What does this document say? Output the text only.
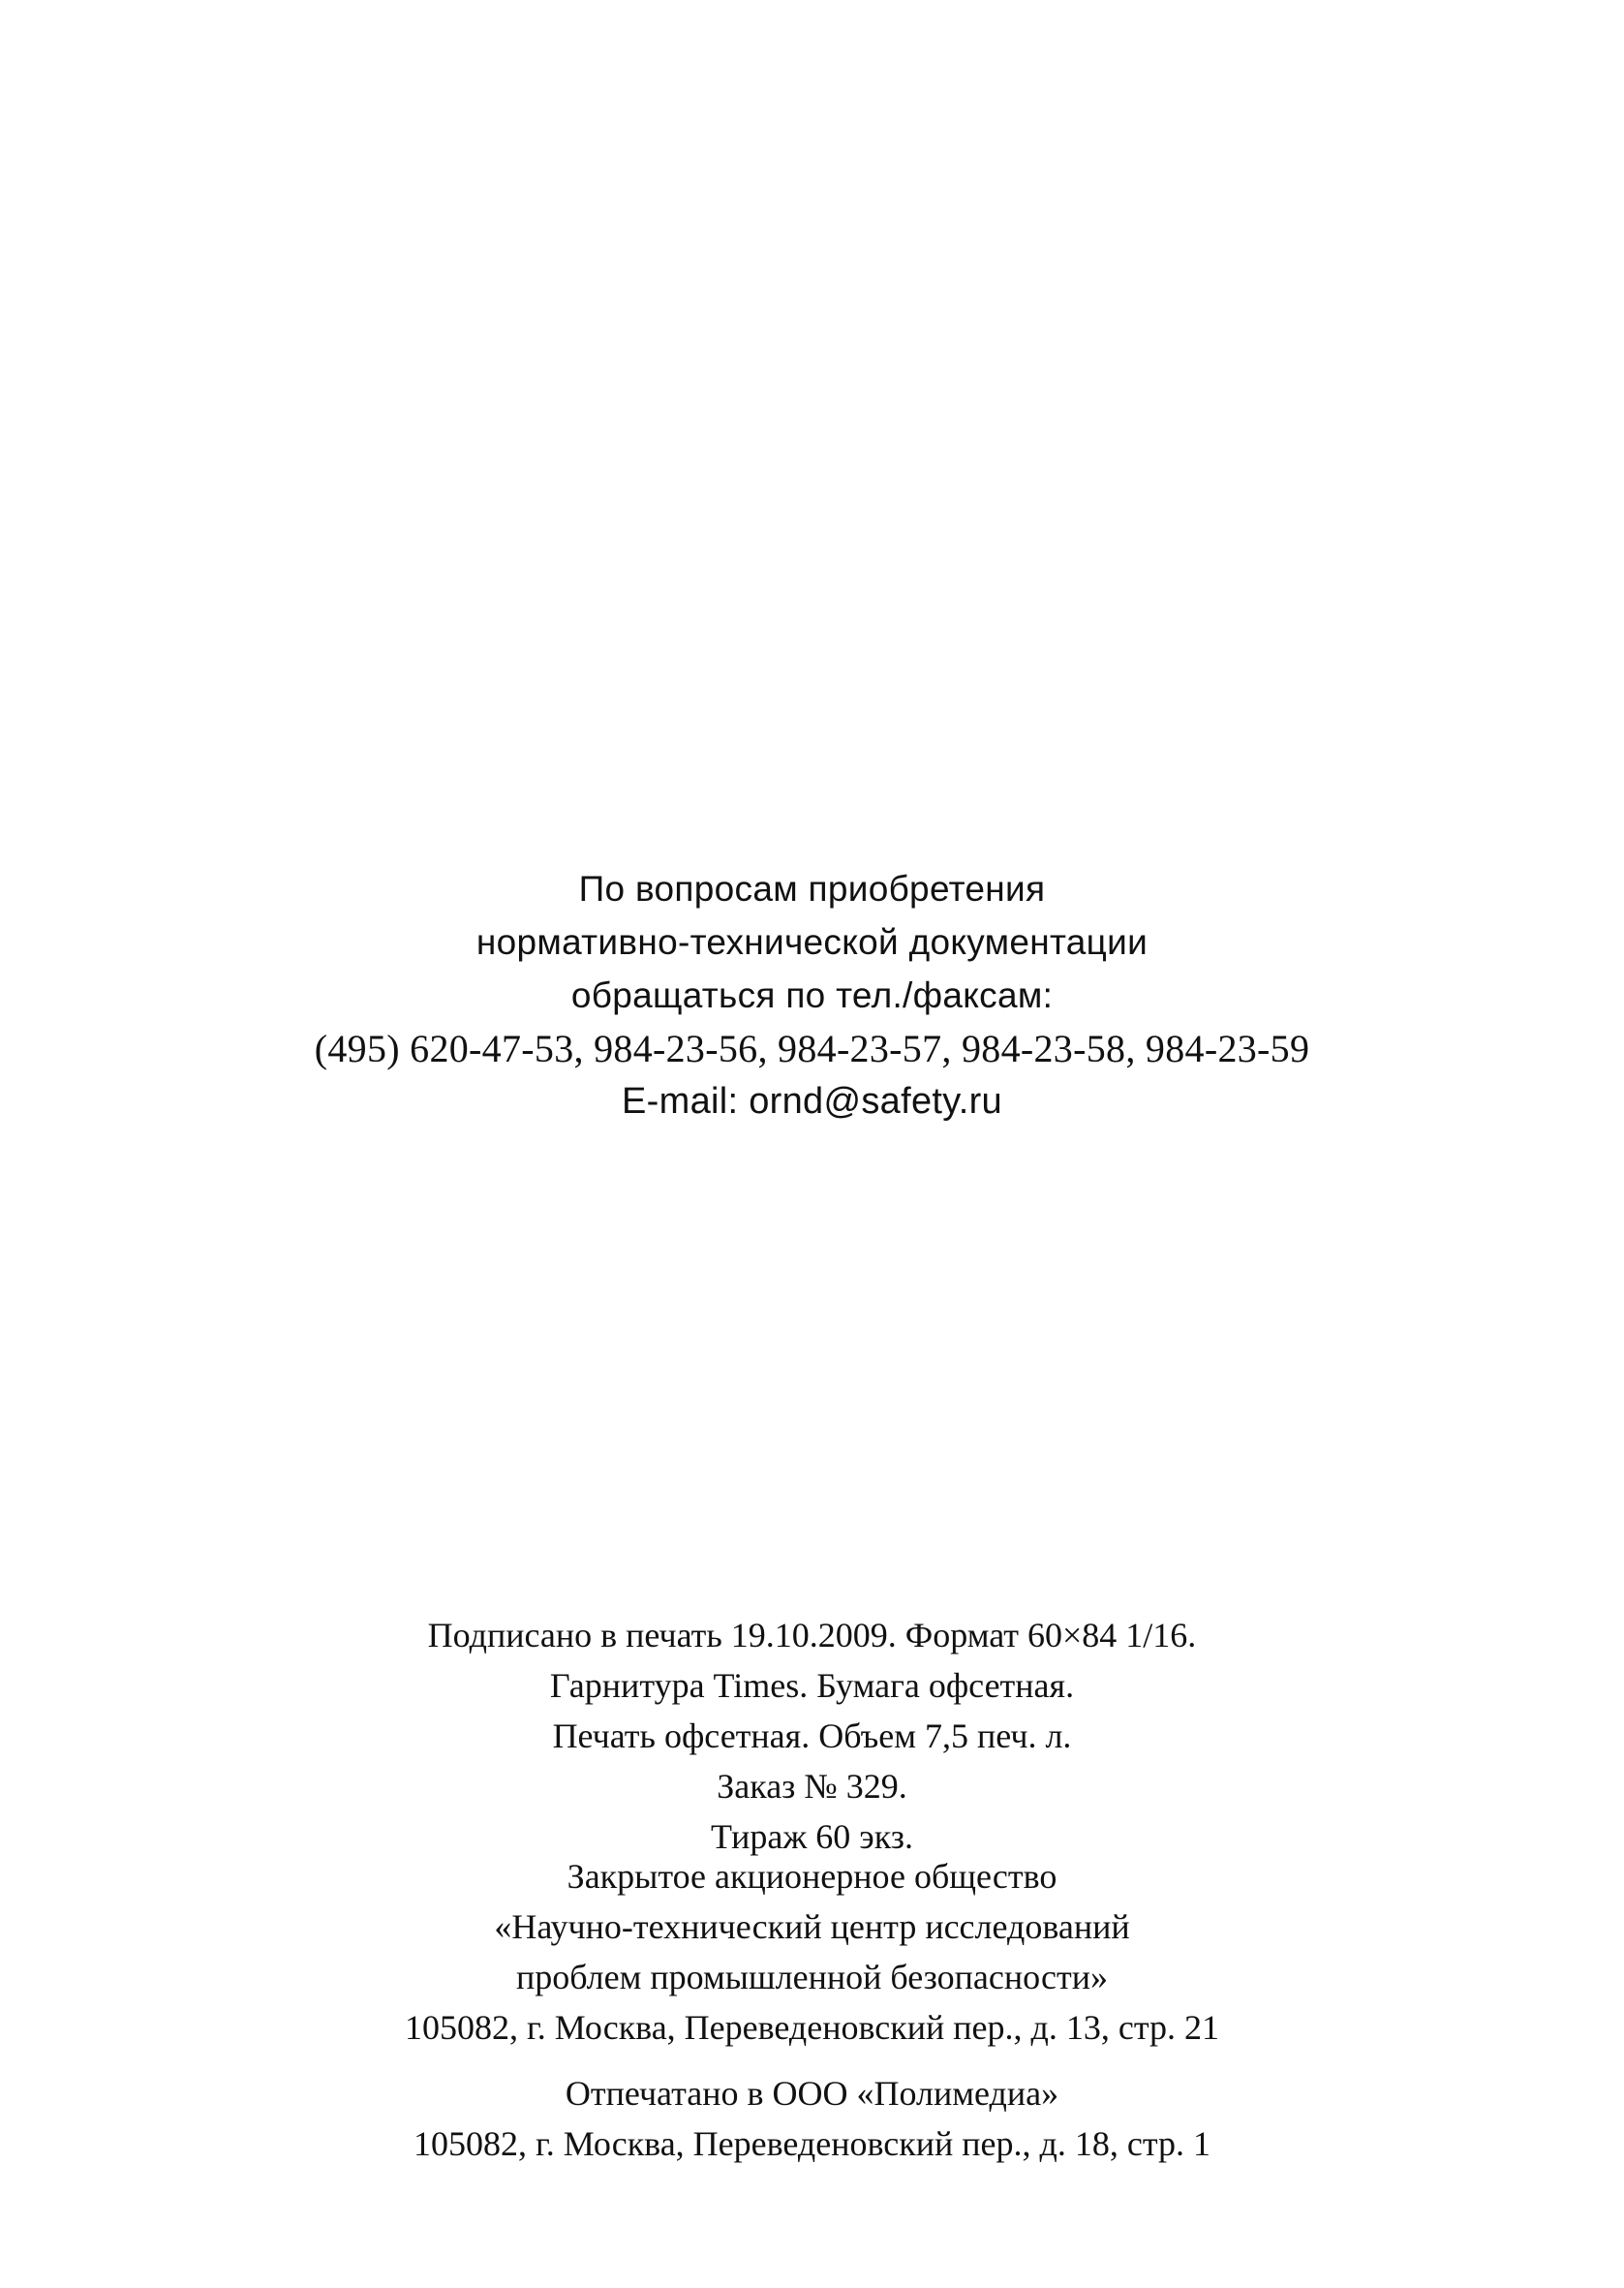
По вопросам приобретения
нормативно-технической документации
обращаться по тел./факсам:
(495) 620-47-53, 984-23-56, 984-23-57, 984-23-58, 984-23-59
E-mail: ornd@safety.ru
Подписано в печать 19.10.2009. Формат 60×84 1/16.
Гарнитура Times. Бумага офсетная.
Печать офсетная. Объем 7,5 печ. л.
Заказ № 329.
Тираж 60 экз.
Закрытое акционерное общество
«Научно-технический центр исследований
проблем промышленной безопасности»
105082, г. Москва, Переведеновский пер., д. 13, стр. 21
Отпечатано в ООО «Полимедиа»
105082, г. Москва, Переведеновский пер., д. 18, стр. 1
